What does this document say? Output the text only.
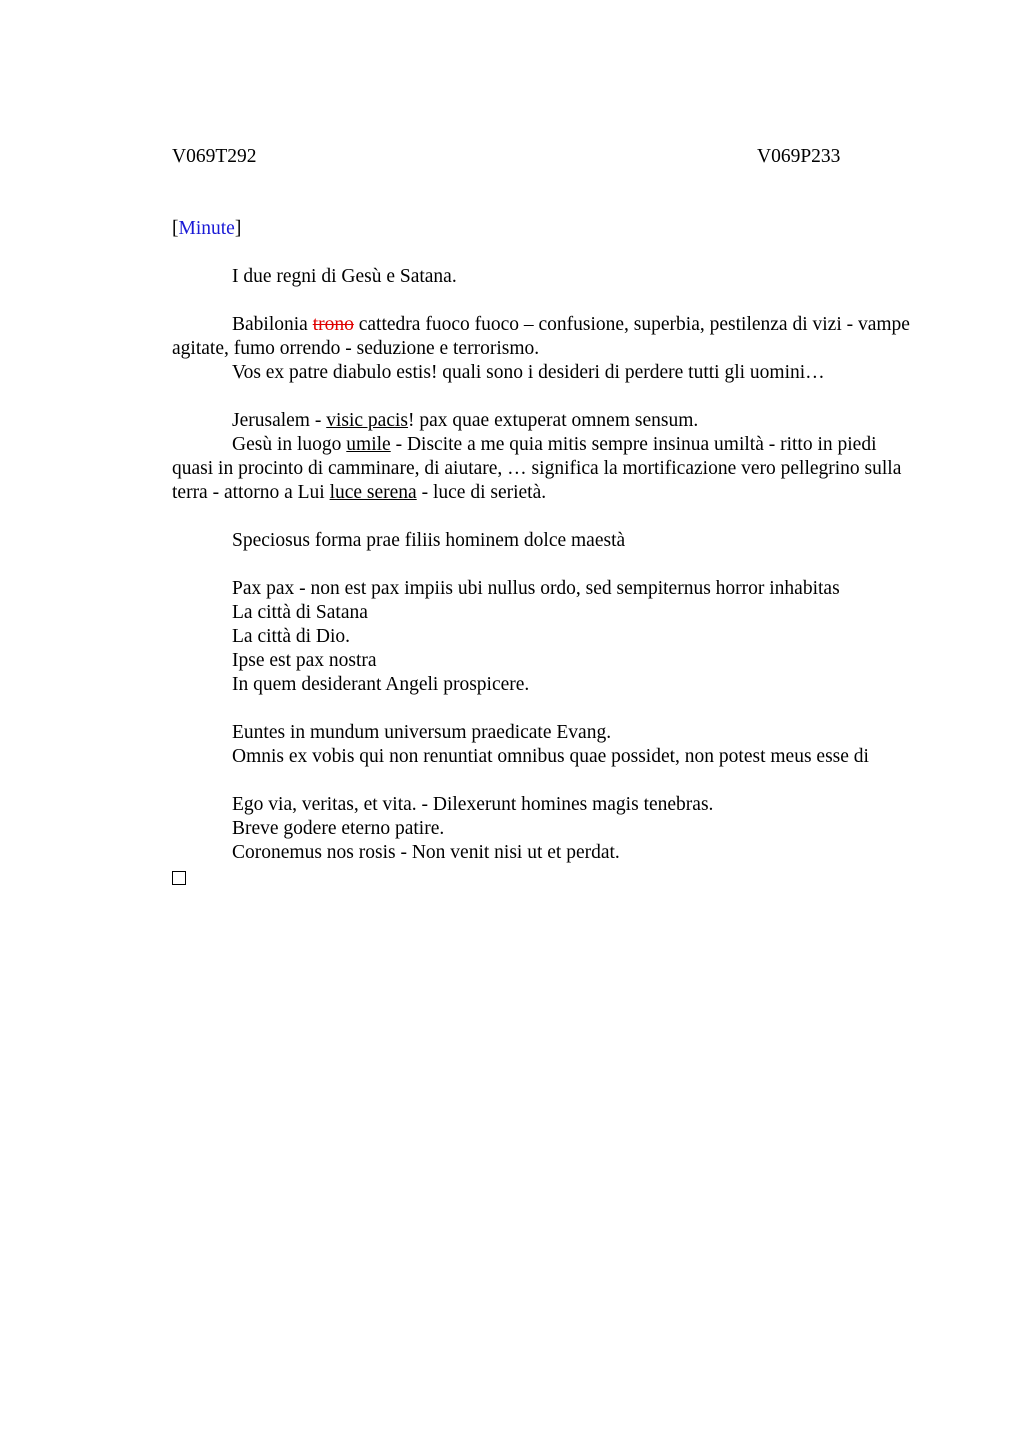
V069T292	V069P233

[Minute]

I due regni di Gesù e Satana.

Babilonia trono cattedra fuoco fuoco – confusione, superbia, pestilenza di vizi - vampe agitate, fumo orrendo - seduzione e terrorismo.

Vos ex patre diabulo estis! quali sono i desideri di perdere tutti gli uomini…

Jerusalem - visic pacis! pax quae extuperat omnem sensum.

Gesù in luogo umile - Discite a me quia mitis sempre insinua umiltà - ritto in piedi quasi in procinto di camminare, di aiutare, … significa la mortificazione vero pellegrino sulla terra - attorno a Lui luce serena - luce di serietà.

Speciosus forma prae filiis hominem dolce maestà

Pax pax - non est pax impiis ubi nullus ordo, sed sempiternus horror inhabitas

La città di Satana

La città di Dio.

Ipse est pax nostra

In quem desiderant Angeli prospicere.

Euntes in mundum universum praedicate Evang.

Omnis ex vobis qui non renuntiat omnibus quae possidet, non potest meus esse di

Ego via, veritas, et vita. - Dilexerunt homines magis tenebras.

Breve godere eterno patire.

Coronemus nos rosis - Non venit nisi ut et perdat.
